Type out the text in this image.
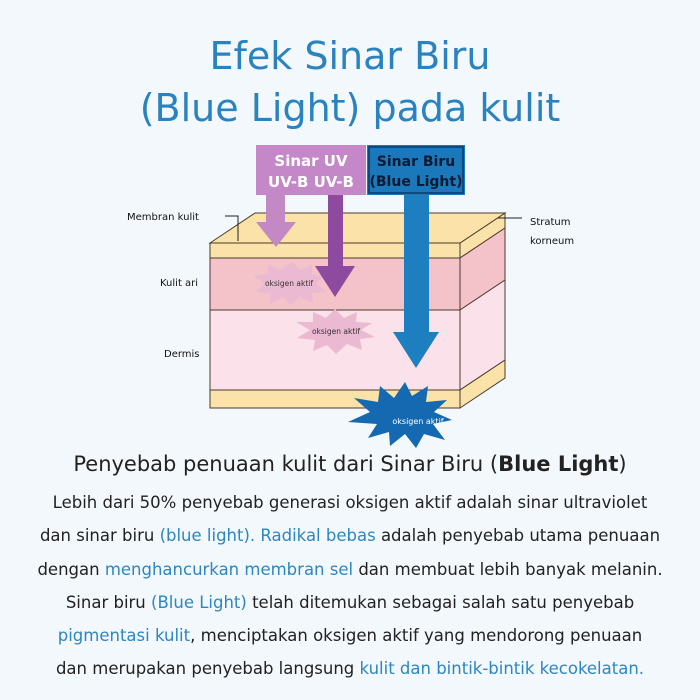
Efek Sinar Biru
(Blue Light) pada kulit
Membran kulit
Kulit ari
Dermis
Stratum
korneum
Sinar UV
UV-B UV-B
Sinar Biru
(Blue Light)
oksigen aktif
oksigen aktif
oksigen aktif
Penyebab penuaan kulit dari Sinar Biru (Blue Light)
Lebih dari 50% penyebab generasi oksigen aktif adalah sinar ultraviolet
dan sinar biru (blue light). Radikal bebas adalah penyebab utama penuaan
dengan menghancurkan membran sel dan membuat lebih banyak melanin.
Sinar biru (Blue Light) telah ditemukan sebagai salah satu penyebab
pigmentasi kulit, menciptakan oksigen aktif yang mendorong penuaan
dan merupakan penyebab langsung kulit dan bintik-bintik kecokelatan.
